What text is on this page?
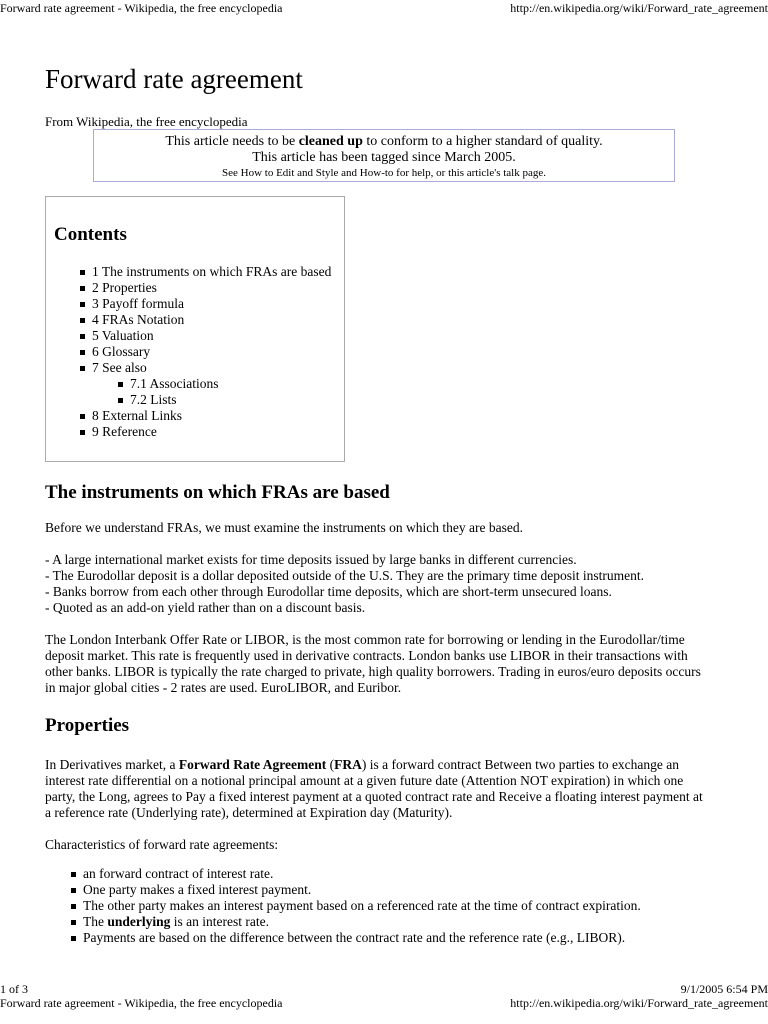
Forward rate agreement - Wikipedia, the free encyclopedia	http://en.wikipedia.org/wiki/Forward_rate_agreement
Forward rate agreement
From Wikipedia, the free encyclopedia
This article needs to be cleaned up to conform to a higher standard of quality.
This article has been tagged since March 2005.
See How to Edit and Style and How-to for help, or this article's talk page.
Contents
1 The instruments on which FRAs are based
2 Properties
3 Payoff formula
4 FRAs Notation
5 Valuation
6 Glossary
7 See also
7.1 Associations
7.2 Lists
8 External Links
9 Reference
The instruments on which FRAs are based

Before we understand FRAs, we must examine the instruments on which they are based.

- A large international market exists for time deposits issued by large banks in different currencies.
- The Eurodollar deposit is a dollar deposited outside of the U.S. They are the primary time deposit instrument.
- Banks borrow from each other through Eurodollar time deposits, which are short-term unsecured loans.
- Quoted as an add-on yield rather than on a discount basis.
The London Interbank Offer Rate or LIBOR, is the most common rate for borrowing or lending in the Eurodollar/time
deposit market. This rate is frequently used in derivative contracts. London banks use LIBOR in their transactions with
other banks. LIBOR is typically the rate charged to private, high quality borrowers. Trading in euros/euro deposits occurs
in major global cities - 2 rates are used. EuroLIBOR, and Euribor.
Properties
In Derivatives market, a Forward Rate Agreement (FRA) is a forward contract Between two parties to exchange an
interest rate differential on a notional principal amount at a given future date (Attention NOT expiration) in which one
party, the Long, agrees to Pay a fixed interest payment at a quoted contract rate and Receive a floating interest payment at
a reference rate (Underlying rate), determined at Expiration day (Maturity).

Characteristics of forward rate agreements:

an forward contract of interest rate.
One party makes a fixed interest payment.
The other party makes an interest payment based on a referenced rate at the time of contract expiration.
The underlying is an interest rate.
Payments are based on the difference between the contract rate and the reference rate (e.g., LIBOR).
1 of 3	9/1/2005 6:54 PM
Forward rate agreement - Wikipedia, the free encyclopedia	http://en.wikipedia.org/wiki/Forward_rate_agreement
